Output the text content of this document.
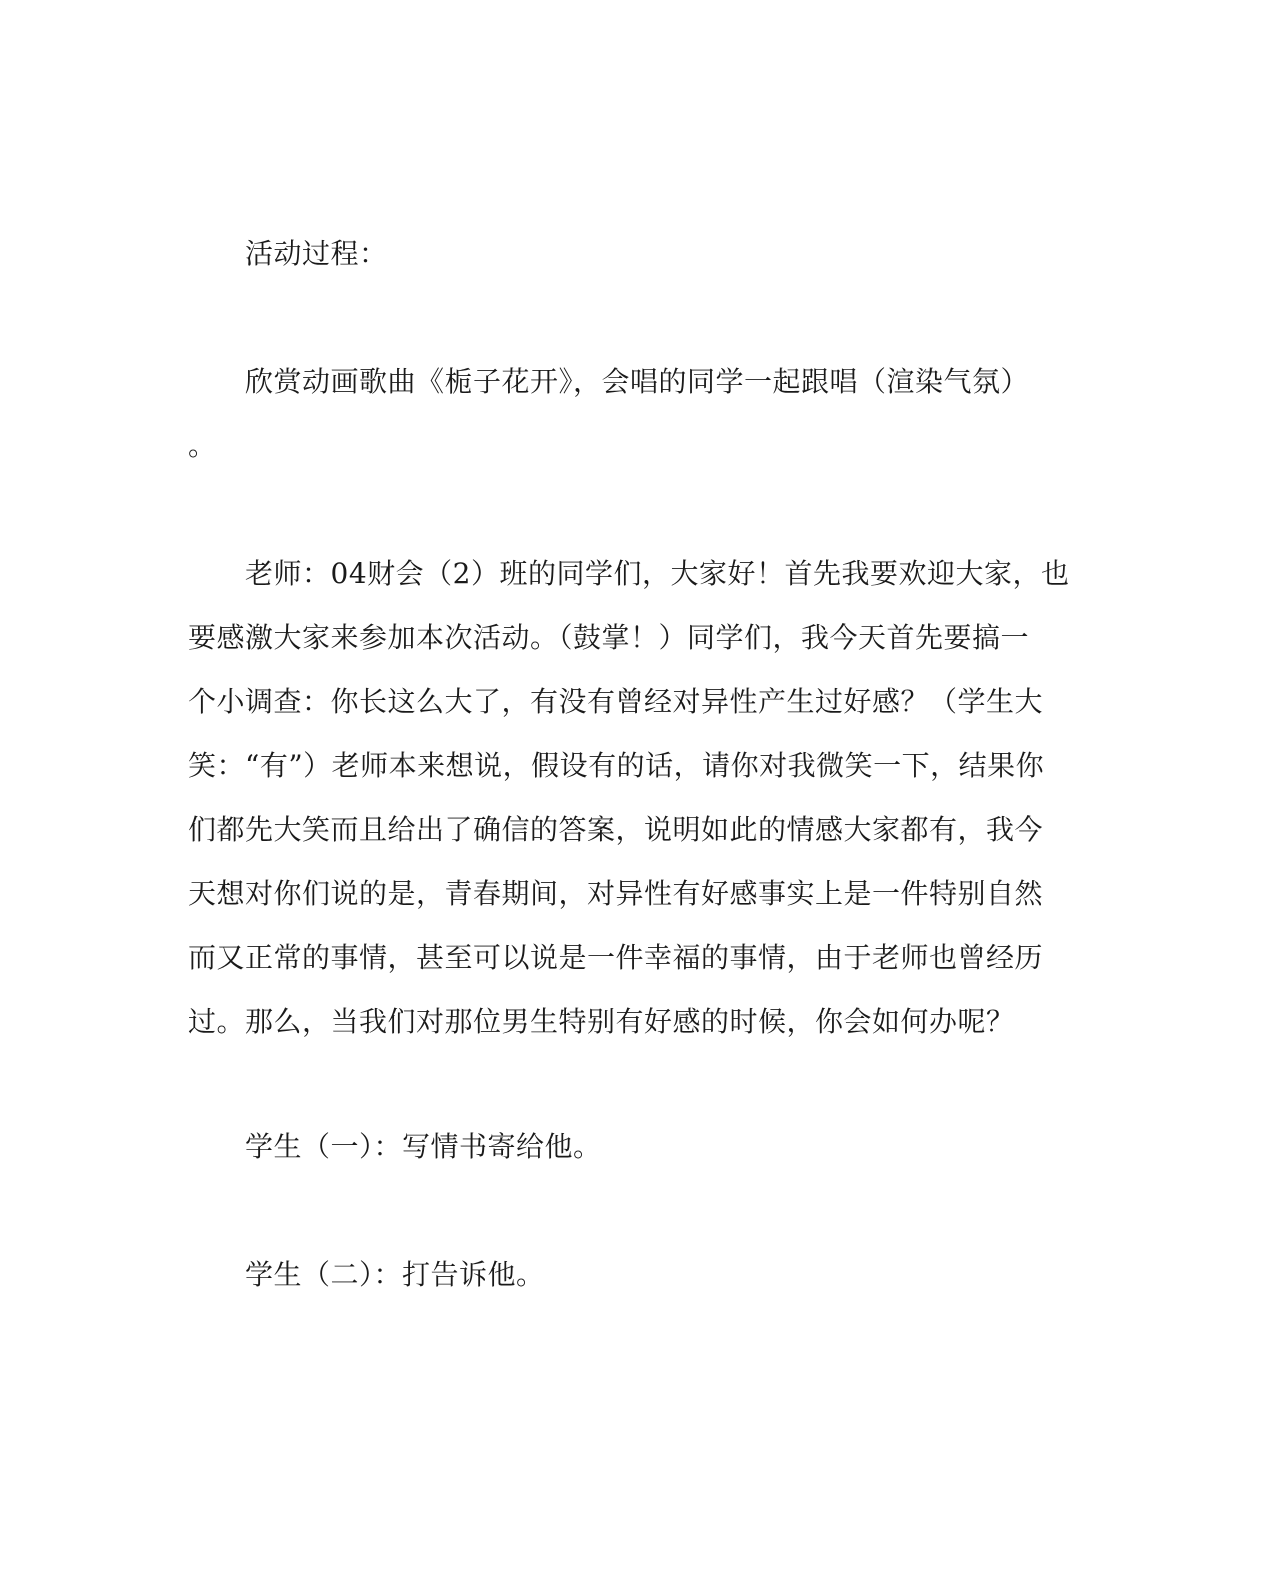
活动过程：
欣赏动画歌曲《栀子花开》，会唱的同学一起跟唱（渲染气氛）
。
老师：04财会（2）班的同学们，大家好！首先我要欢迎大家，也
要感激大家来参加本次活动。（鼓掌！）同学们，我今天首先要搞一
个小调查：你长这么大了，有没有曾经对异性产生过好感？（学生大
笑：“有”）老师本来想说，假设有的话，请你对我微笑一下，结果你
们都先大笑而且给出了确信的答案，说明如此的情感大家都有，我今
天想对你们说的是，青春期间，对异性有好感事实上是一件特别自然
而又正常的事情，甚至可以说是一件幸福的事情，由于老师也曾经历
过。那么，当我们对那位男生特别有好感的时候，你会如何办呢？
学生（一）：写情书寄给他。
学生（二）：打告诉他。
